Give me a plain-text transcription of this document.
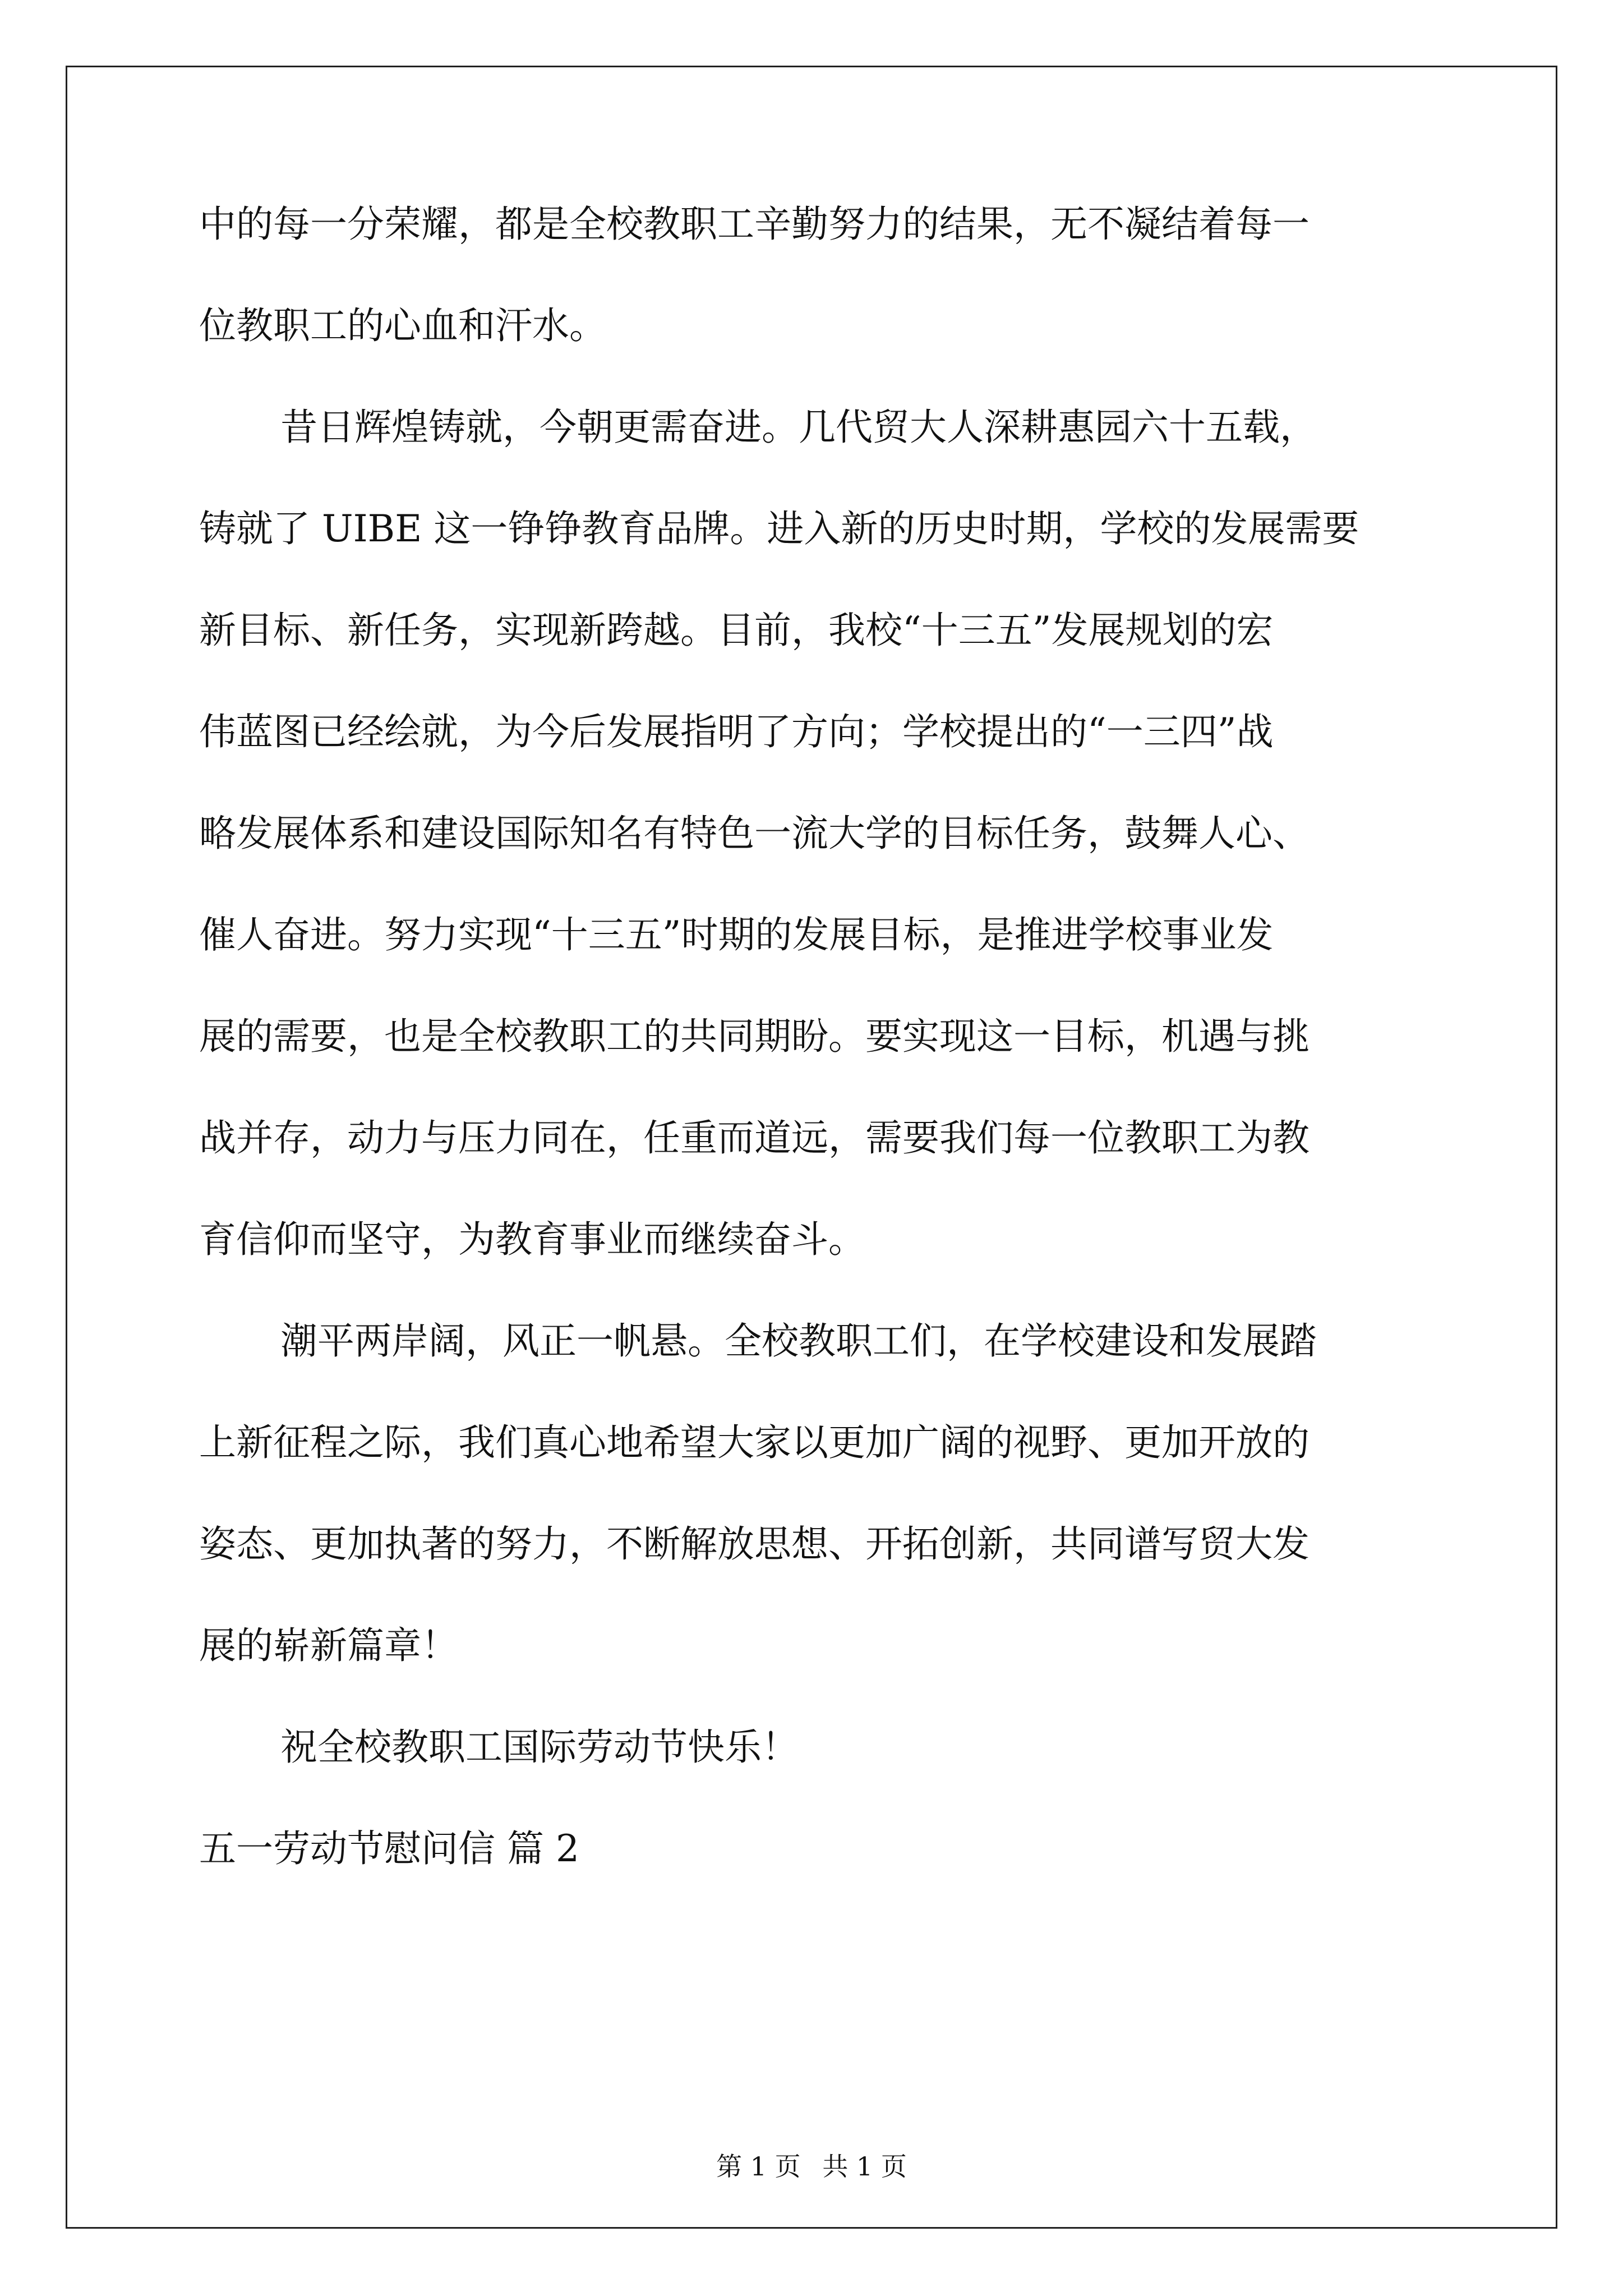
中的每一分荣耀，都是全校教职工辛勤努力的结果，无不凝结着每一
位教职工的心血和汗水。
昔日辉煌铸就，今朝更需奋进。几代贸大人深耕惠园六十五载，
铸就了 UIBE 这一铮铮教育品牌。进入新的历史时期，学校的发展需要
新目标、新任务，实现新跨越。目前，我校“十三五”发展规划的宏
伟蓝图已经绘就，为今后发展指明了方向；学校提出的“一三四”战
略发展体系和建设国际知名有特色一流大学的目标任务，鼓舞人心、
催人奋进。努力实现“十三五”时期的发展目标，是推进学校事业发
展的需要，也是全校教职工的共同期盼。要实现这一目标，机遇与挑
战并存，动力与压力同在，任重而道远，需要我们每一位教职工为教
育信仰而坚守，为教育事业而继续奋斗。
潮平两岸阔，风正一帆悬。全校教职工们，在学校建设和发展踏
上新征程之际，我们真心地希望大家以更加广阔的视野、更加开放的
姿态、更加执著的努力，不断解放思想、开拓创新，共同谱写贸大发
展的崭新篇章！
祝全校教职工国际劳动节快乐！
五一劳动节慰问信 篇 2
第 1 页 共 1 页
